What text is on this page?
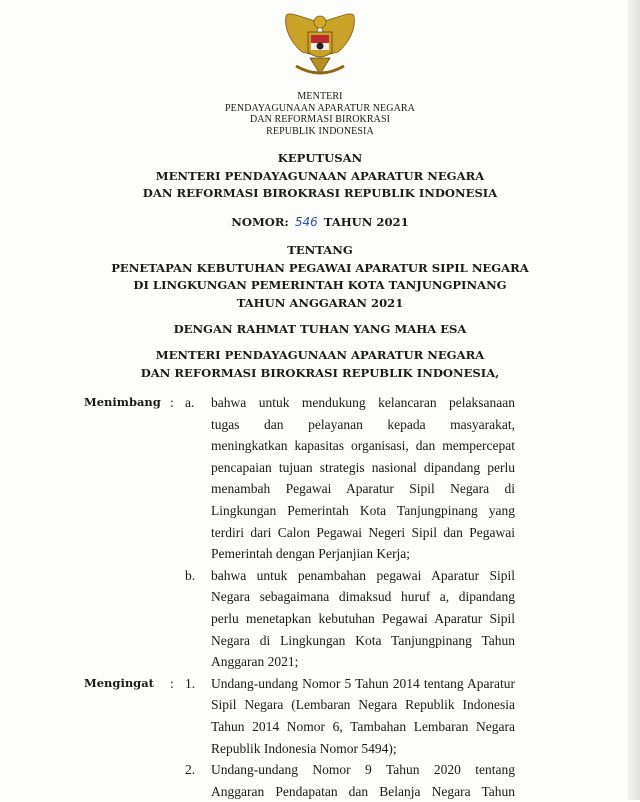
MENTERI
PENDAYAGUNAAN APARATUR NEGARA
DAN REFORMASI BIROKRASI
REPUBLIK INDONESIA
KEPUTUSAN
MENTERI PENDAYAGUNAAN APARATUR NEGARA
DAN REFORMASI BIROKRASI REPUBLIK INDONESIA
NOMOR: 546 TAHUN 2021
TENTANG
PENETAPAN KEBUTUHAN PEGAWAI APARATUR SIPIL NEGARA
DI LINGKUNGAN PEMERINTAH KOTA TANJUNGPINANG
TAHUN ANGGARAN 2021
DENGAN RAHMAT TUHAN YANG MAHA ESA
MENTERI PENDAYAGUNAAN APARATUR NEGARA
DAN REFORMASI BIROKRASI REPUBLIK INDONESIA,
Menimbang : a.	bahwa untuk mendukung kelancaran pelaksanaan
tugas dan pelayanan kepada masyarakat,
meningkatkan kapasitas organisasi, dan mempercepat
pencapaian tujuan strategis nasional dipandang perlu
menambah Pegawai Aparatur Sipil Negara di
Lingkungan Pemerintah Kota Tanjungpinang yang
terdiri dari Calon Pegawai Negeri Sipil dan Pegawai
Pemerintah dengan Perjanjian Kerja;
b.	bahwa untuk penambahan pegawai Aparatur Sipil
Negara sebagaimana dimaksud huruf a, dipandang
perlu menetapkan kebutuhan Pegawai Aparatur Sipil
Negara di Lingkungan Kota Tanjungpinang Tahun
Anggaran 2021;
Mengingat	: 1.	Undang-undang Nomor 5 Tahun 2014 tentang Aparatur
Sipil Negara (Lembaran Negara Republik Indonesia
Tahun 2014 Nomor 6, Tambahan Lembaran Negara
Republik Indonesia Nomor 5494);
2.	Undang-undang Nomor 9 Tahun 2020 tentang
Anggaran Pendapatan dan Belanja Negara Tahun
